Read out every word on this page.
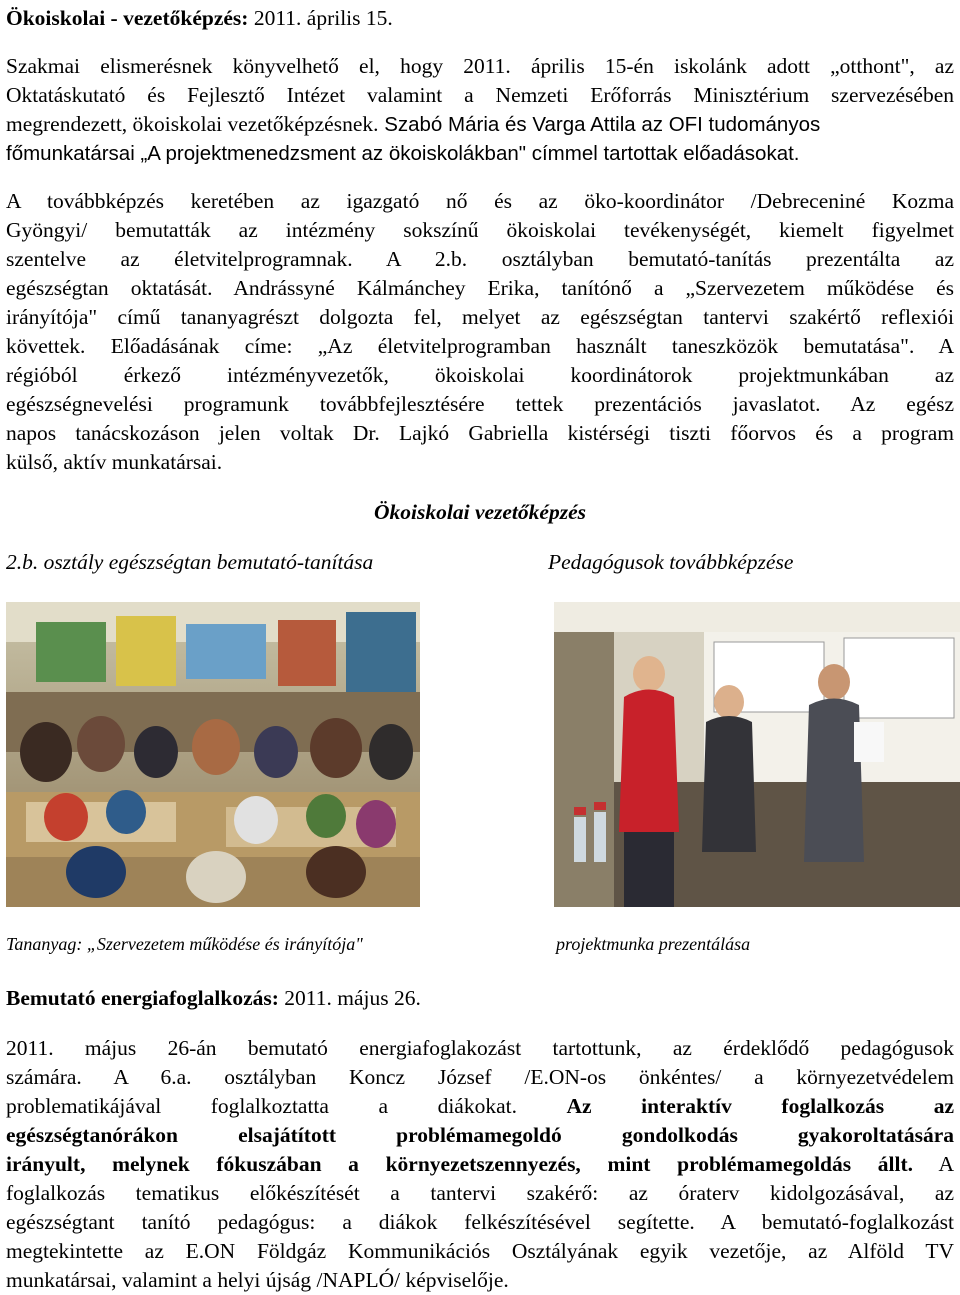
Ökoiskolai - vezetőképzés: 2011. április 15.
Szakmai elismerésnek könyvelhető el, hogy 2011. április 15-én iskolánk adott „otthont", az
Oktatáskutató és Fejlesztő Intézet valamint a Nemzeti Erőforrás Minisztérium szervezésében
megrendezett, ökoiskolai vezetőképzésnek. Szabó Mária és Varga Attila az OFI tudományos
főmunkatársai „A projektmenedzsment az ökoiskolákban" címmel tartottak előadásokat.
A továbbképzés keretében az igazgató nő és az öko-koordinátor /Debreceniné Kozma
Gyöngyi/ bemutatták az intézmény sokszínű ökoiskolai tevékenységét, kiemelt figyelmet
szentelve az életvitelprogramnak. A 2.b. osztályban bemutató-tanítás prezentálta az
egészségtan oktatását. Andrássyné Kálmánchey Erika, tanítónő a „Szervezetem működése és
irányítója" című tananyagrészt dolgozta fel, melyet az egészségtan tantervi szakértő reflexiói
követtek. Előadásának címe: „Az életvitelprogramban használt taneszközök bemutatása". A
régióból érkező intézményvezetők, ökoiskolai koordinátorok projektmunkában az
egészségnevelési programunk továbbfejlesztésére tettek prezentációs javaslatot. Az egész
napos tanácskozáson jelen voltak Dr. Lajkó Gabriella kistérségi tiszti főorvos és a program
külső, aktív munkatársai.
Ökoiskolai vezetőképzés
2.b. osztály egészségtan bemutató-tanítása	Pedagógusok továbbképzése
Tananyag: „Szervezetem működése és irányítója"	projektmunka prezentálása
Bemutató energiafoglalkozás: 2011. május 26.
2011. május 26-án bemutató energiafoglakozást tartottunk, az érdeklődő pedagógusok
számára. A 6.a. osztályban Koncz József /E.ON-os önkéntes/ a környezetvédelem
problematikájával foglalkoztatta a diákokat. Az interaktív foglalkozás az
egészségtanórákon elsajátított problémamegoldó gondolkodás gyakoroltatására
irányult, melynek fókuszában a környezetszennyezés, mint problémamegoldás állt. A
foglalkozás tematikus előkészítését a tantervi szakérő: az óraterv kidolgozásával, az
egészségtant tanító pedagógus: a diákok felkészítésével segítette. A bemutató-foglalkozást
megtekintette az E.ON Földgáz Kommunikációs Osztályának egyik vezetője, az Alföld TV
munkatársai, valamint a helyi újság /NAPLÓ/ képviselője.
